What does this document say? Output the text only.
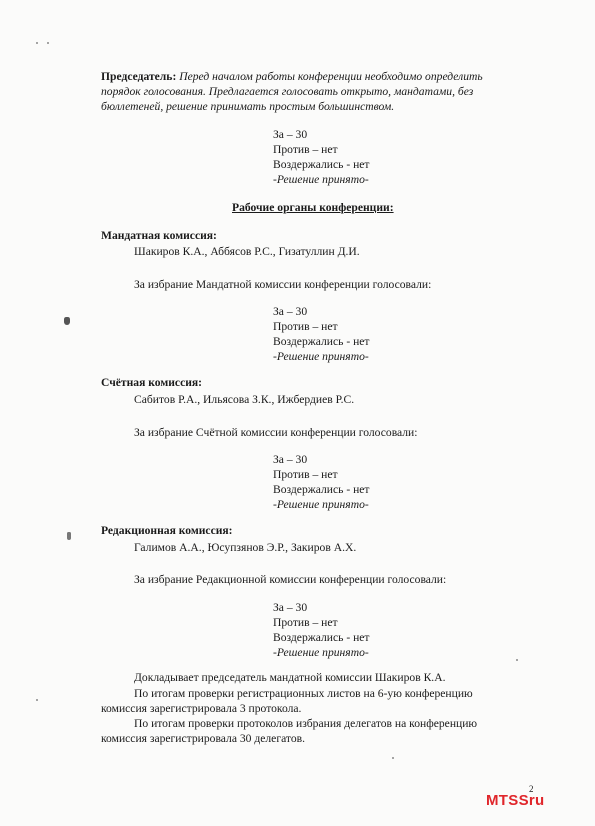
Председатель: Перед началом работы конференции необходимо определить
порядок голосования. Предлагается голосовать открыто, мандатами, без
бюллетеней, решение принимать простым большинством.
За – 30
Против – нет
Воздержались - нет
-Решение принято-
Рабочие органы конференции:
Мандатная комиссия:
Шакиров К.А., Аббясов Р.С., Гизатуллин Д.И.
За избрание Мандатной комиссии конференции голосовали:
За – 30
Против – нет
Воздержались - нет
-Решение принято-
Счётная комиссия:
Сабитов Р.А., Ильясова З.К., Ижбердиев Р.С.
За избрание Счётной комиссии конференции голосовали:
За – 30
Против – нет
Воздержались - нет
-Решение принято-
Редакционная комиссия:
Галимов А.А., Юсупзянов Э.Р., Закиров А.Х.
За избрание Редакционной комиссии конференции голосовали:
За – 30
Против – нет
Воздержались - нет
-Решение принято-
Докладывает председатель мандатной комиссии Шакиров К.А.
По итогам проверки регистрационных листов на 6-ую конференцию
комиссия зарегистрировала 3 протокола.
По итогам проверки протоколов избрания делегатов на конференцию
комиссия зарегистрировала 30 делегатов.
2
MTSSru
